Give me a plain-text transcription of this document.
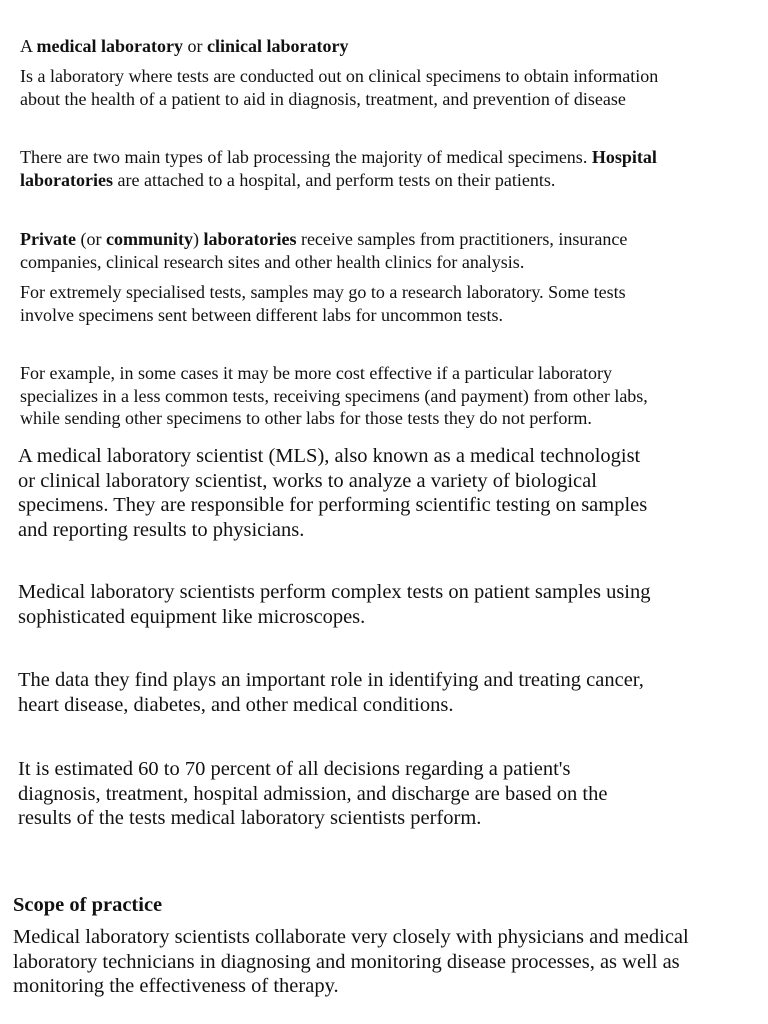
A medical laboratory or clinical laboratory
Is a laboratory where tests are conducted out on clinical specimens to obtain information
about the health of a patient to aid in diagnosis, treatment, and prevention of disease
There are two main types of lab processing the majority of medical specimens. Hospital
laboratories are attached to a hospital, and perform tests on their patients.
Private (or community) laboratories receive samples from practitioners, insurance
companies, clinical research sites and other health clinics for analysis.
For extremely specialised tests, samples may go to a research laboratory. Some tests
involve specimens sent between different labs for uncommon tests.
For example, in some cases it may be more cost effective if a particular laboratory
specializes in a less common tests, receiving specimens (and payment) from other labs,
while sending other specimens to other labs for those tests they do not perform.
A medical laboratory scientist (MLS), also known as a medical technologist
or clinical laboratory scientist, works to analyze a variety of biological
specimens. They are responsible for performing scientific testing on samples
and reporting results to physicians.
Medical laboratory scientists perform complex tests on patient samples using
sophisticated equipment like microscopes.
The data they find plays an important role in identifying and treating cancer,
heart disease, diabetes, and other medical conditions.
It is estimated 60 to 70 percent of all decisions regarding a patient's
diagnosis, treatment, hospital admission, and discharge are based on the
results of the tests medical laboratory scientists perform.
Scope of practice
Medical laboratory scientists collaborate very closely with physicians and medical
laboratory technicians in diagnosing and monitoring disease processes, as well as
monitoring the effectiveness of therapy.
